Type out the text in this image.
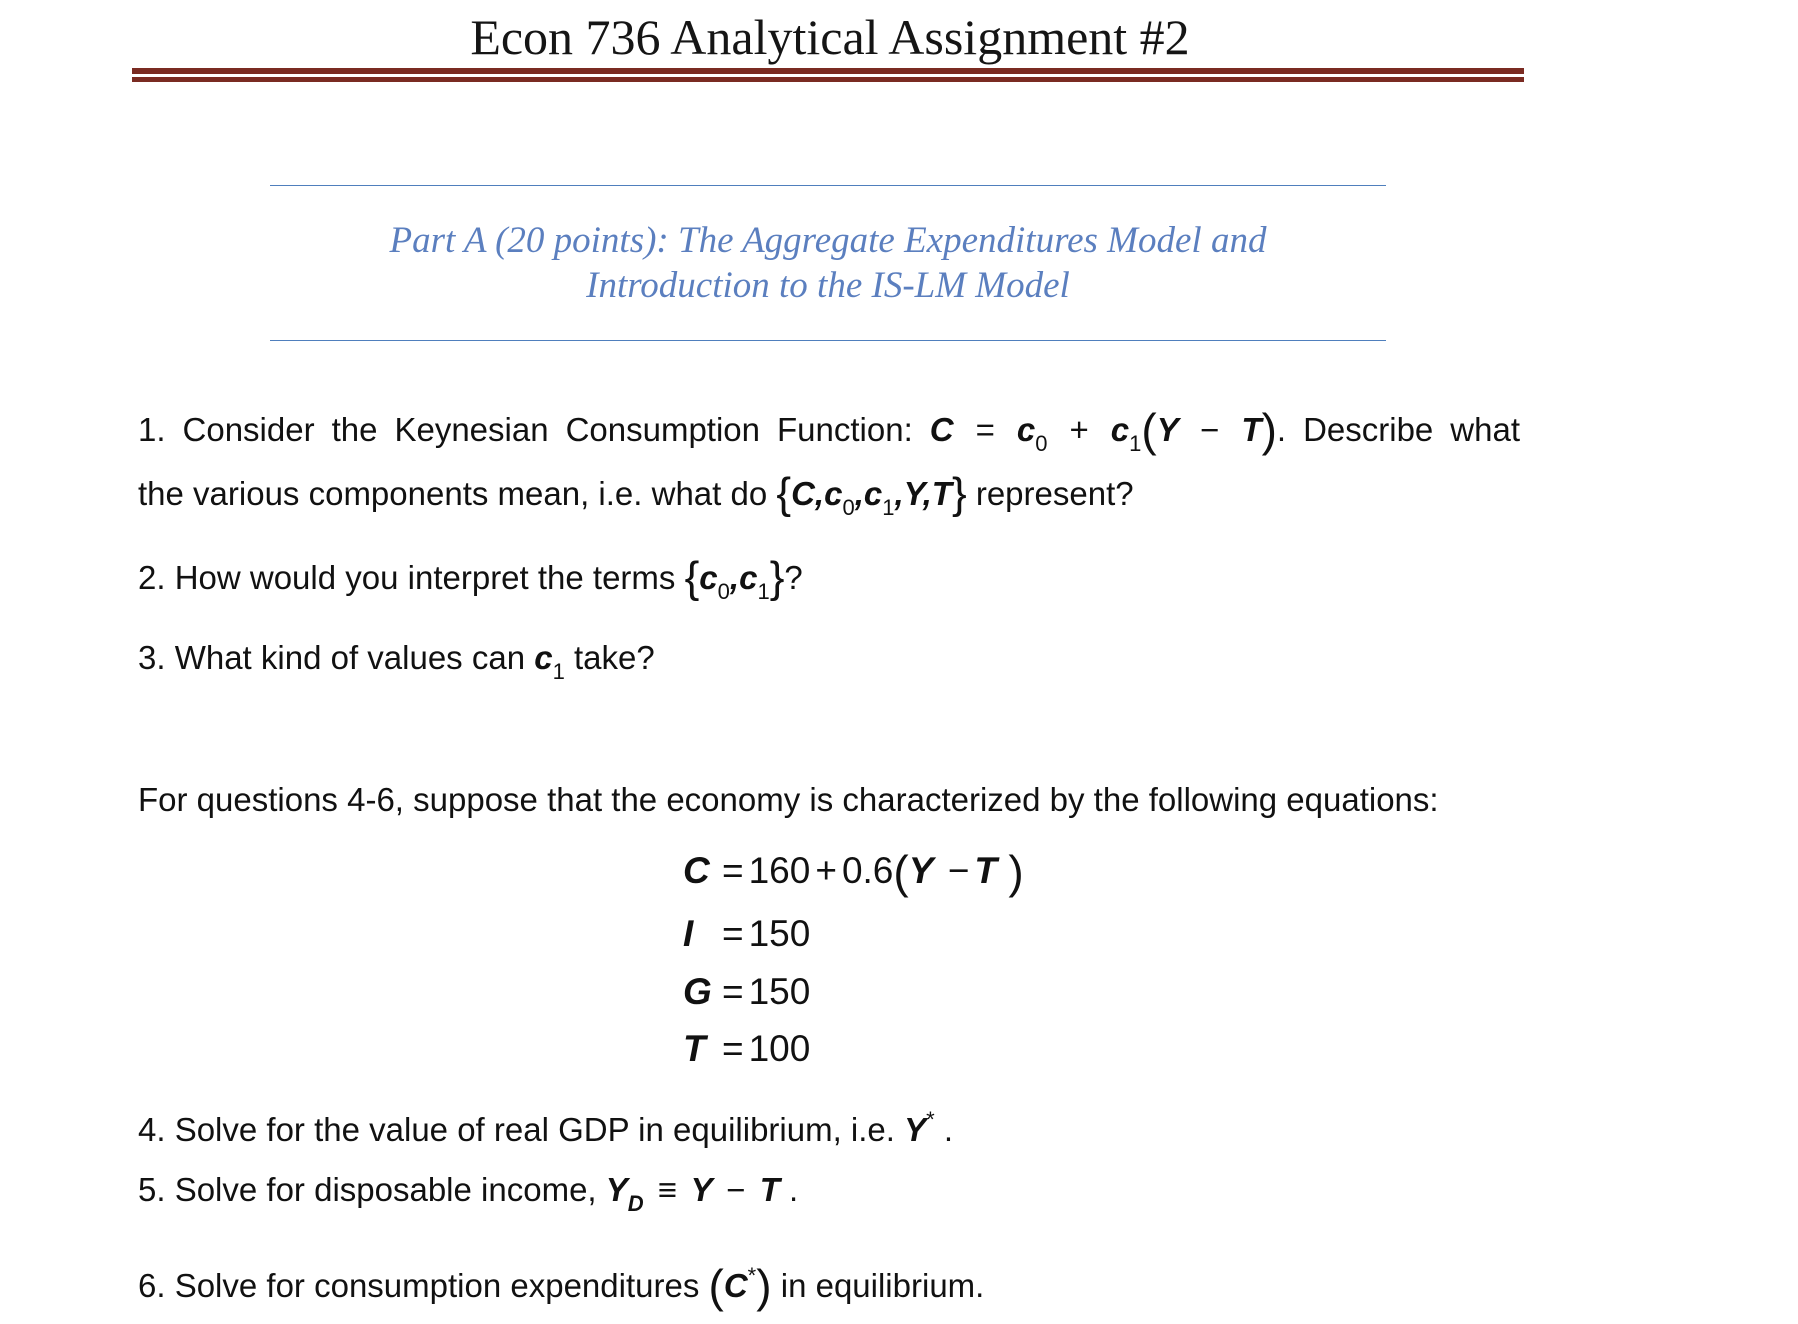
Econ 736 Analytical Assignment #2
Part A (20 points): The Aggregate Expenditures Model and
Introduction to the IS-LM Model
1. Consider the Keynesian Consumption Function: $C = c_0 + c_1(Y - T)$. Describe what
the various components mean, i.e. what do $\{C,c_0,c_1,Y,T\}$ represent?
2. How would you interpret the terms $\{c_0,c_1\}$?
3. What kind of values can $c_1$ take?
For questions 4-6, suppose that the economy is characterized by the following equations:
C = 160 + 0.6(Y − T )
I = 150
G = 150
T = 100
4. Solve for the value of real GDP in equilibrium, i.e. Y* .
5. Solve for disposable income, $Y_D \equiv Y - T$ .
6. Solve for consumption expenditures (C*) in equilibrium.
